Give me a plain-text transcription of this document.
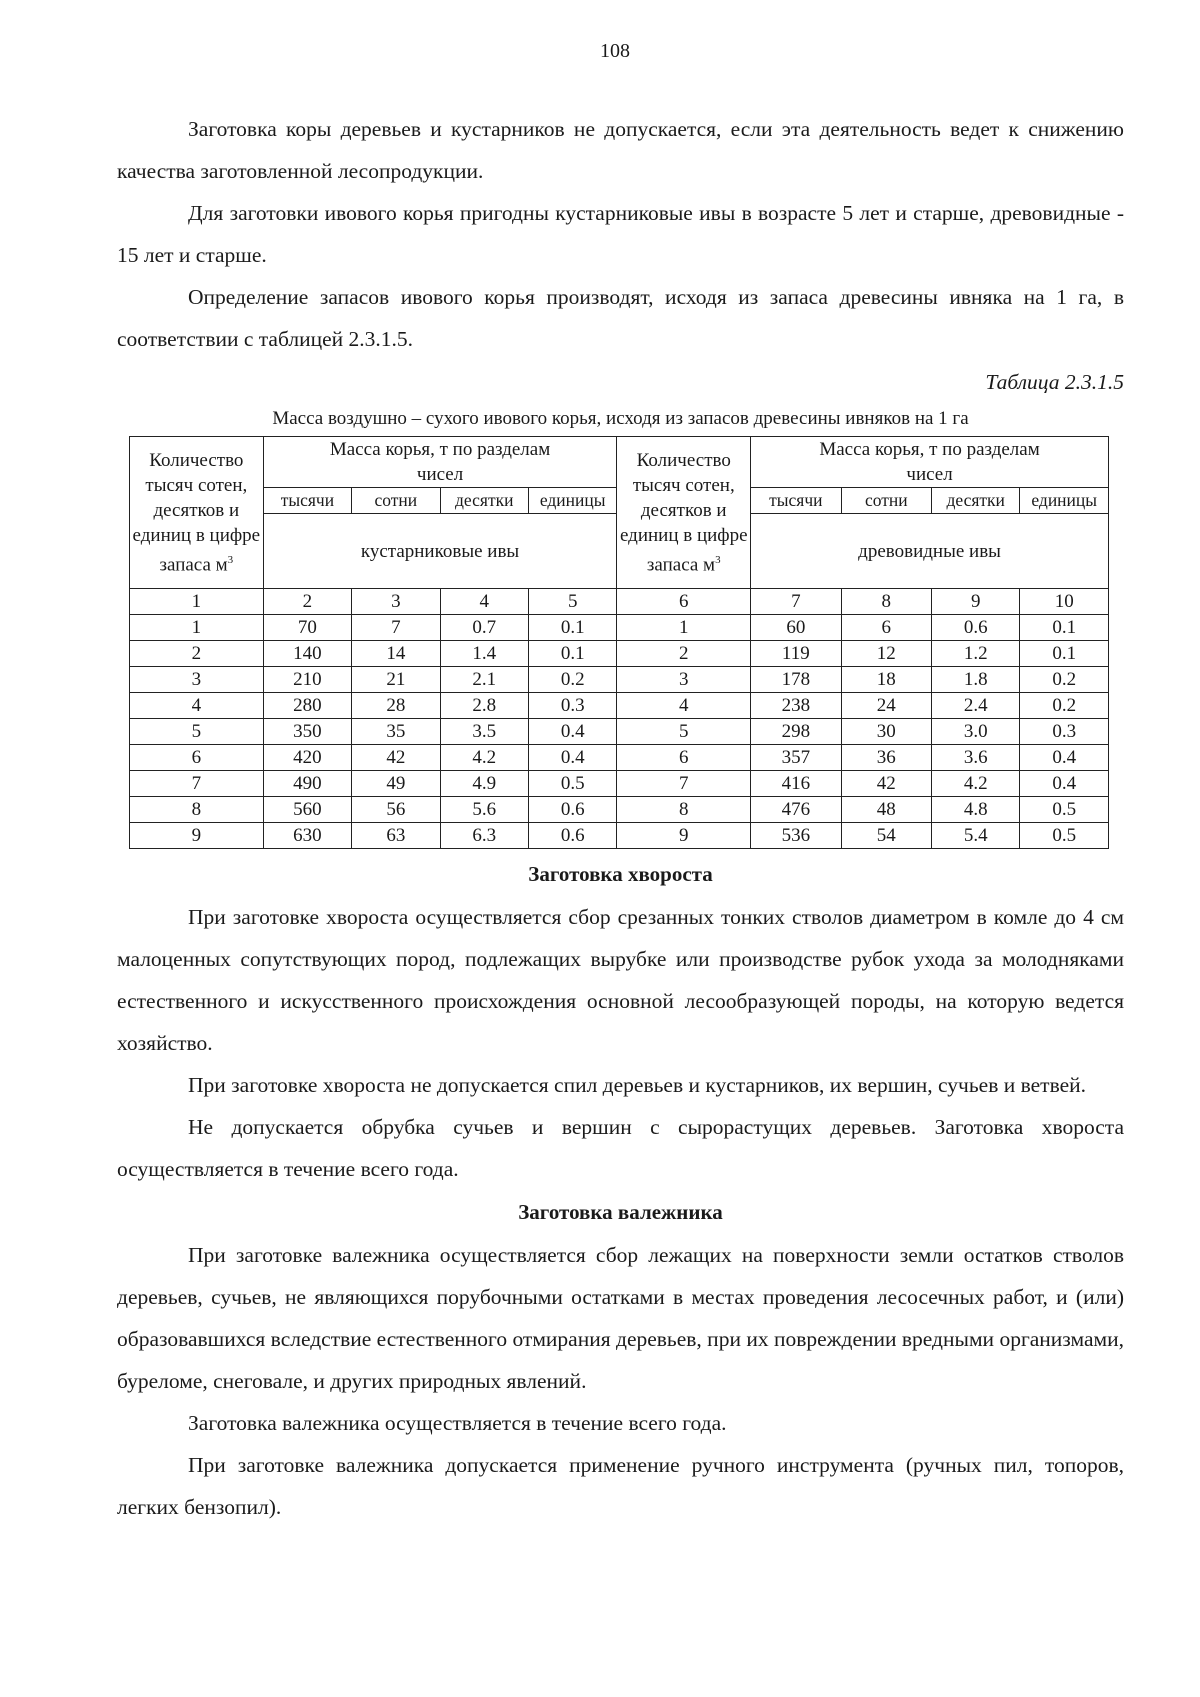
108

Заготовка коры деревьев и кустарников не допускается, если эта деятельность ведет к снижению качества заготовленной лесопродукции.

Для заготовки ивового корья пригодны кустарниковые ивы в возрасте 5 лет и старше, древовидные - 15 лет и старше.

Определение запасов ивового корья производят, исходя из запаса древесины ивняка на 1 га, в соответствии с таблицей 2.3.1.5.

Таблица 2.3.1.5
Масса воздушно – сухого ивового корья, исходя из запасов древесины ивняков на 1 га
Количество тысяч сотен, десятков и единиц в цифре запаса $м^3$	Масса корья, т по разделам чисел				Количество тысяч сотен, десятков и единиц в цифре запаса $м^3$	Масса корья, т по разделам чисел			
	тысячи	сотни	десятки	единицы		тысячи	сотни	десятки	единицы
	кустарниковые ивы					древовидные ивы			
1	2	3	4	5	6	7	8	9	10
1	70	7	0.7	0.1	1	60	6	0.6	0.1
2	140	14	1.4	0.1	2	119	12	1.2	0.1
3	210	21	2.1	0.2	3	178	18	1.8	0.2
4	280	28	2.8	0.3	4	238	24	2.4	0.2
5	350	35	3.5	0.4	5	298	30	3.0	0.3
6	420	42	4.2	0.4	6	357	36	3.6	0.4
7	490	49	4.9	0.5	7	416	42	4.2	0.4
8	560	56	5.6	0.6	8	476	48	4.8	0.5
9	630	63	6.3	0.6	9	536	54	5.4	0.5
Заготовка хвороста

При заготовке хвороста осуществляется сбор срезанных тонких стволов диаметром в комле до 4 см малоценных сопутствующих пород, подлежащих вырубке или производстве рубок ухода за молодняками естественного и искусственного происхождения основной лесообразующей породы, на которую ведется хозяйство.

При заготовке хвороста не допускается спил деревьев и кустарников, их вершин, сучьев и ветвей.

Не допускается обрубка сучьев и вершин с сырорастущих деревьев. Заготовка хвороста осуществляется в течение всего года.

Заготовка валежника

При заготовке валежника осуществляется сбор лежащих на поверхности земли остатков стволов деревьев, сучьев, не являющихся порубочными остатками в местах проведения лесосечных работ, и (или) образовавшихся вследствие естественного отмирания деревьев, при их повреждении вредными организмами, буреломе, снеговале, и других природных явлений.

Заготовка валежника осуществляется в течение всего года.

При заготовке валежника допускается применение ручного инструмента (ручных пил, топоров, легких бензопил).
